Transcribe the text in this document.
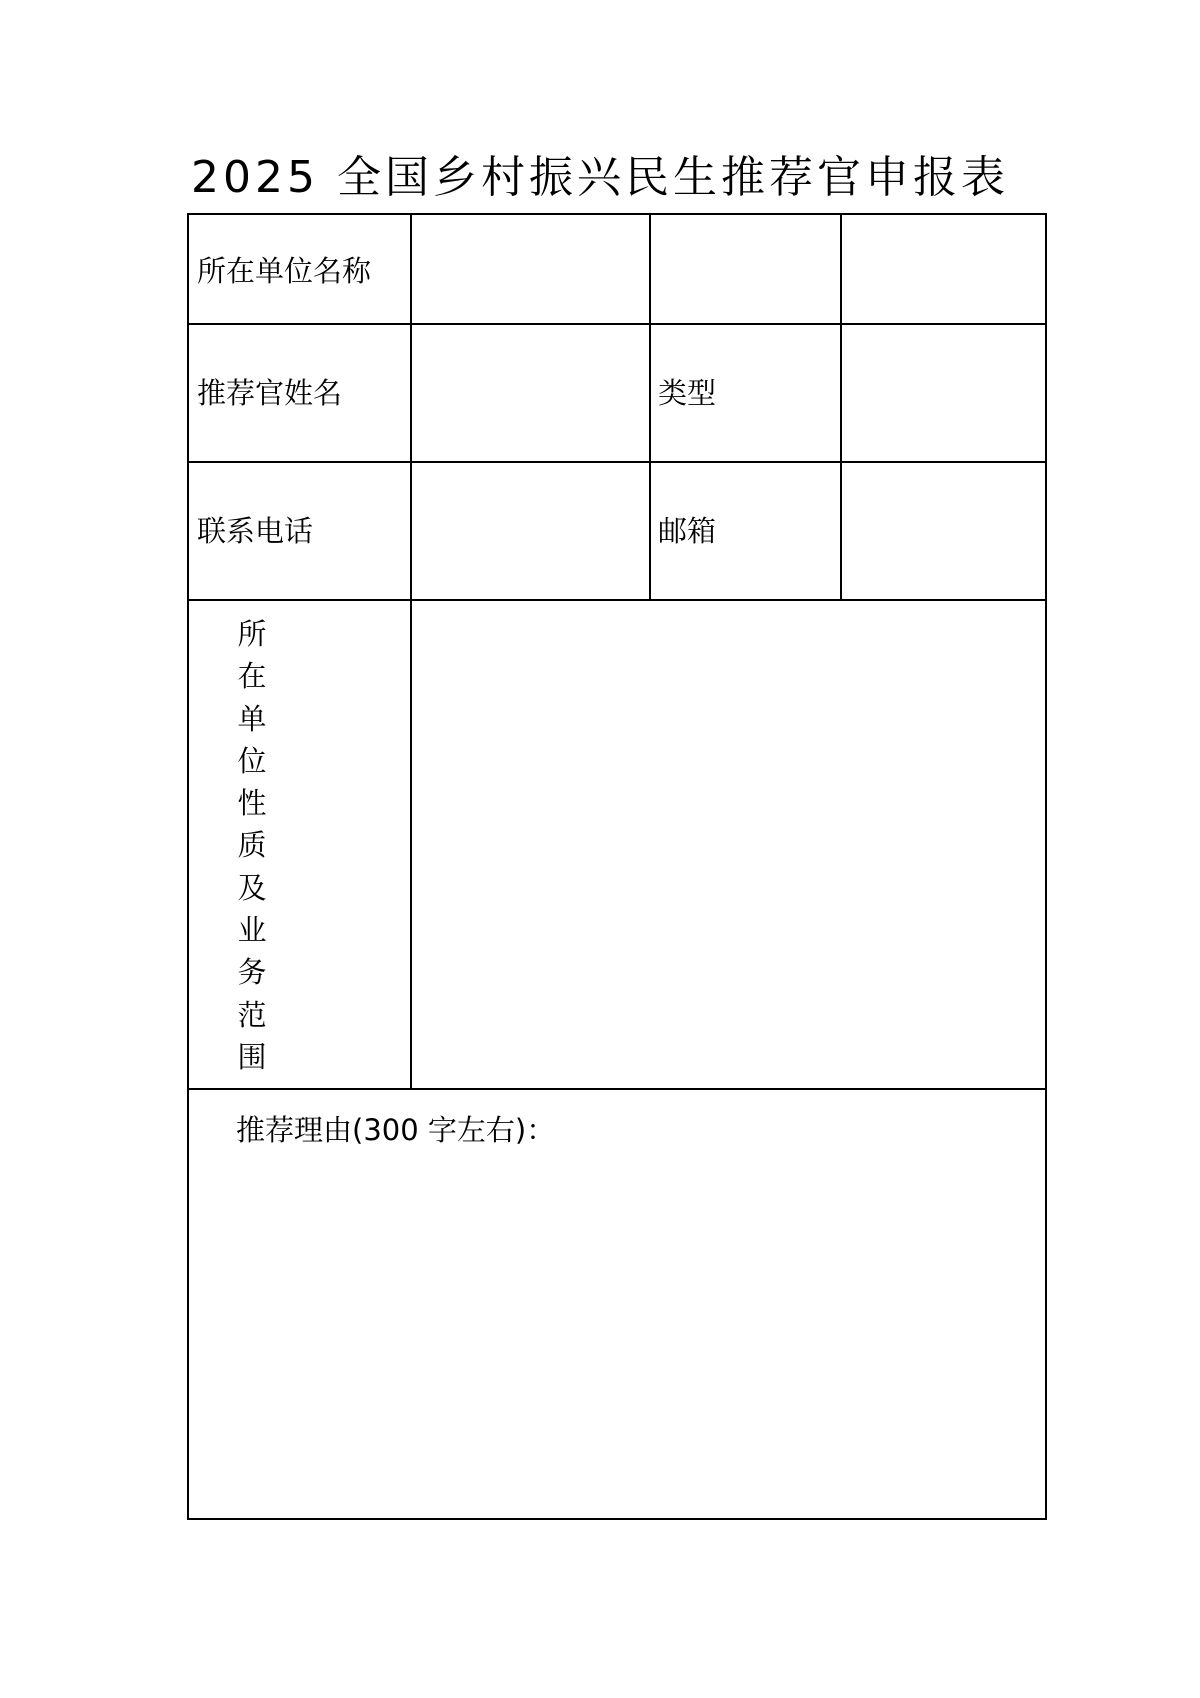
2025 全国乡村振兴民生推荐官申报表
所在单位名称
推荐官姓名	类型
联系电话	邮箱
所
在
单
位
性
质
及
业
务
范
围
推荐理由(300 字左右)：
